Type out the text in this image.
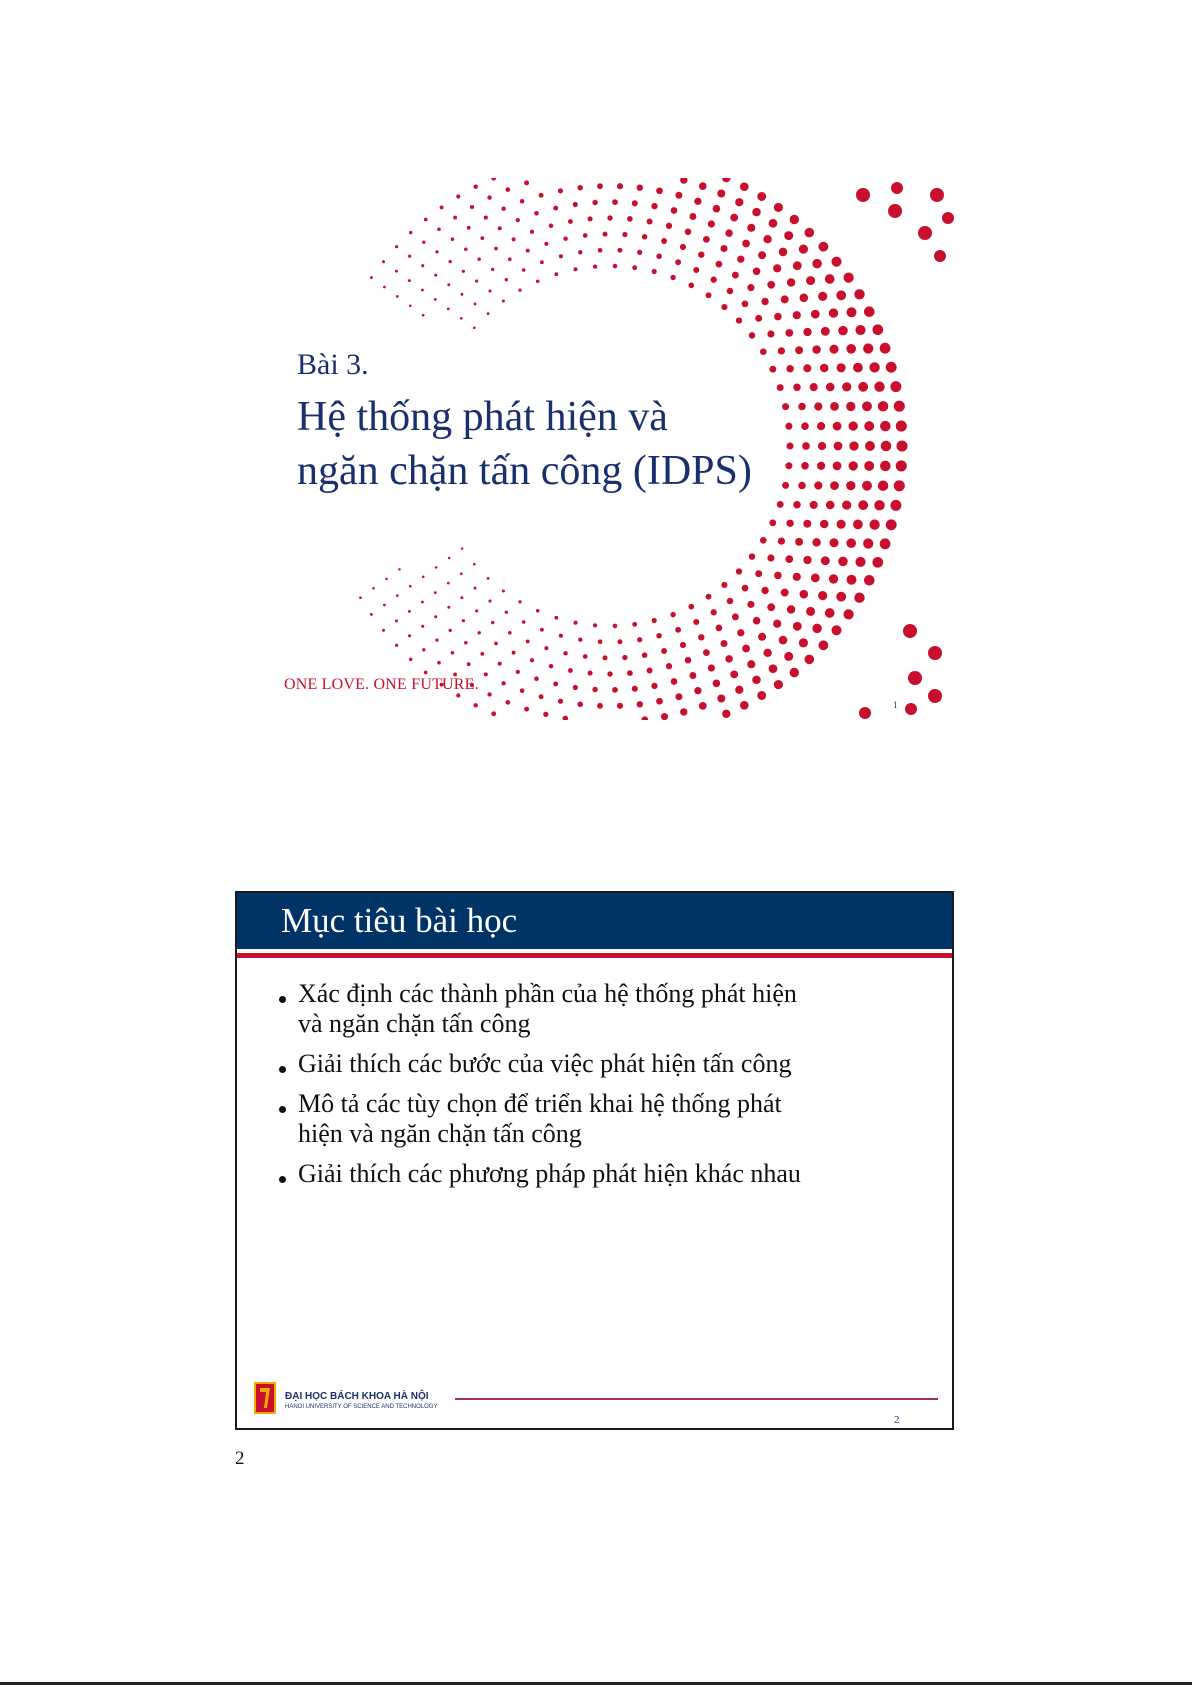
Bài 3.
Hệ thống phát hiện và
ngăn chặn tấn công (IDPS)
ONE LOVE. ONE FUTURE.
1
Mục tiêu bài học
Xác định các thành phần của hệ thống phát hiện
và ngăn chặn tấn công
Giải thích các bước của việc phát hiện tấn công
Mô tả các tùy chọn để triển khai hệ thống phát
hiện và ngăn chặn tấn công
Giải thích các phương pháp phát hiện khác nhau
ĐẠI HỌC BÁCH KHOA HÀ NỘI
HANOI UNIVERSITY OF SCIENCE AND TECHNOLOGY
2
2
